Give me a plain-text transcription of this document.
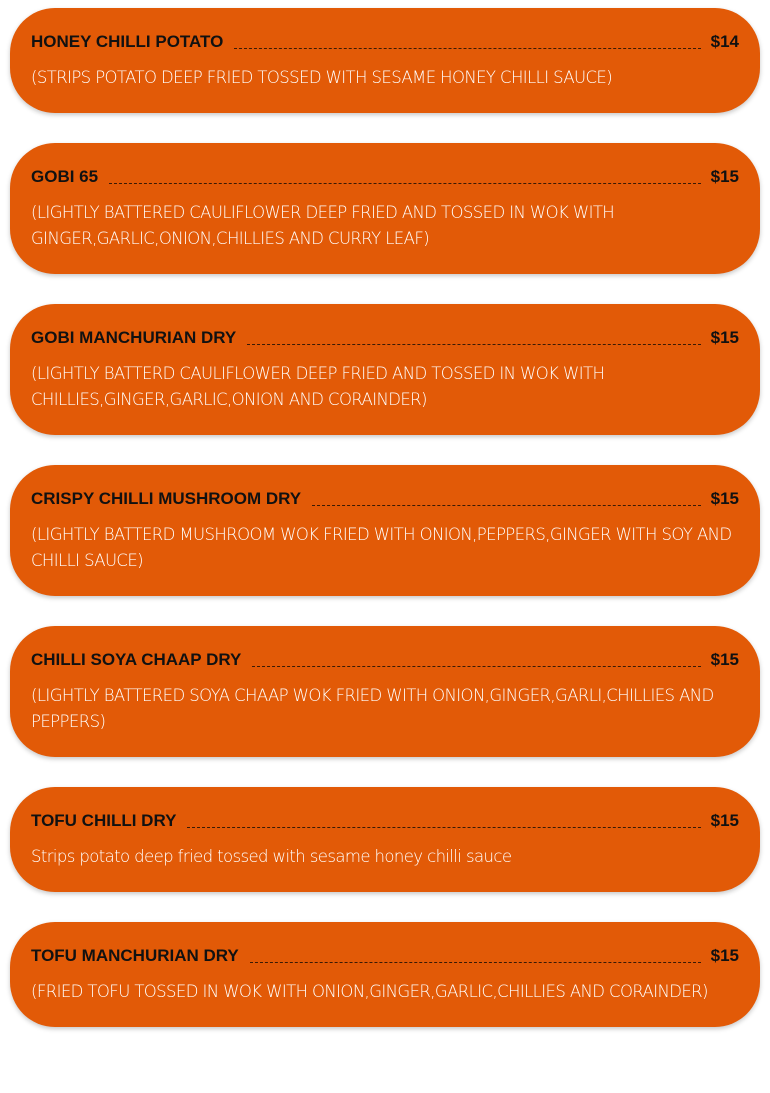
HONEY CHILLI POTATO	$14
(STRIPS POTATO DEEP FRIED TOSSED WITH SESAME HONEY CHILLI SAUCE)
GOBI 65	$15
(LIGHTLY BATTERED CAULIFLOWER DEEP FRIED AND TOSSED IN WOK WITH GINGER,GARLIC,ONION,CHILLIES AND CURRY LEAF)
GOBI MANCHURIAN DRY	$15
(LIGHTLY BATTERD CAULIFLOWER DEEP FRIED AND TOSSED IN WOK WITH CHILLIES,GINGER,GARLIC,ONION AND CORAINDER)
CRISPY CHILLI MUSHROOM DRY	$15
(LIGHTLY BATTERD MUSHROOM WOK FRIED WITH ONION,PEPPERS,GINGER WITH SOY AND CHILLI SAUCE)
CHILLI SOYA CHAAP DRY	$15
(LIGHTLY BATTERED SOYA CHAAP WOK FRIED WITH ONION,GINGER,GARLI,CHILLIES AND PEPPERS)
TOFU CHILLI DRY	$15
Strips potato deep fried tossed with sesame honey chilli sauce
TOFU MANCHURIAN DRY	$15
(FRIED TOFU TOSSED IN WOK WITH ONION,GINGER,GARLIC,CHILLIES AND CORAINDER)
